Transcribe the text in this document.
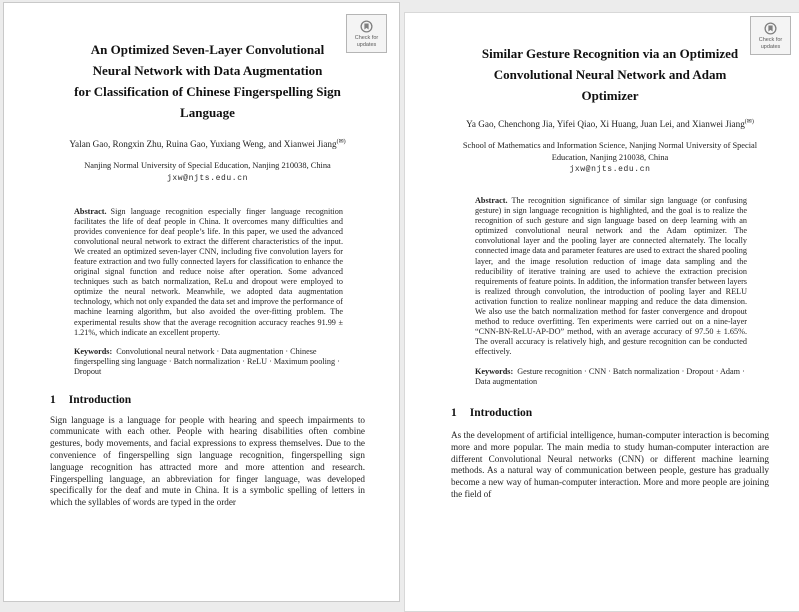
Check for
updates
An Optimized Seven-Layer Convolutional
Neural Network with Data Augmentation
for Classification of Chinese Fingerspelling Sign
Language

Yalan Gao, Rongxin Zhu, Ruina Gao, Yuxiang Weng, and Xianwei Jiang(✉)

Nanjing Normal University of Special Education, Nanjing 210038, China

jxw@njts.edu.cn

Abstract. Sign language recognition especially finger language recognition facilitates the life of deaf people in China. It overcomes many difficulties and provides convenience for deaf people’s life. In this paper, we used the advanced convolutional neural network to extract the different characteristics of the input. We created an optimized seven-layer CNN, including five convolution layers for feature extraction and two fully connected layers for classification to enhance the original signal function and reduce noise after operation. Some advanced techniques such as batch normalization, ReLu and dropout were employed to optimize the neural network. Meanwhile, we adopted data augmentation technology, which not only expanded the data set and improve the performance of machine learning algorithm, but also avoided the over-fitting problem. The experimental results show that the average recognition accuracy reaches 91.99 ± 1.21%, which indicate an excellent property.

Keywords: Convolutional neural network · Data augmentation · Chinese fingerspelling sing language · Batch normalization · ReLU · Maximum pooling · Dropout

1 Introduction

Sign language is a language for people with hearing and speech impairments to communicate with each other. People with hearing disabilities often combine gestures, body movements, and facial expressions to express themselves. Due to the convenience of fingerspelling sign language recognition, fingerspelling sign language recognition has attracted more and more attention and research. Fingerspelling language, an abbreviation for finger language, was developed specifically for the deaf and mute in China. It is a symbolic spelling of letters in which the syllables of words are typed in the order

Check for
updates
Similar Gesture Recognition via an Optimized
Convolutional Neural Network and Adam
Optimizer

Ya Gao, Chenchong Jia, Yifei Qiao, Xi Huang, Juan Lei, and Xianwei Jiang(✉)

School of Mathematics and Information Science, Nanjing Normal University of Special Education, Nanjing 210038, China

jxw@njts.edu.cn

Abstract. The recognition significance of similar sign language (or confusing gesture) in sign language recognition is highlighted, and the goal is to realize the recognition of such gesture and sign language based on deep learning with an optimized convolutional neural network and the Adam optimizer. The convolutional layer and the pooling layer are connected alternately. The locally connected image data and parameter features are used to extract the shared pooling layer, and the image resolution reduction of image data sampling and the reducibility of iterative training are used to achieve the extraction precision requirements of feature points. In addition, the information transfer between layers is realized through convolution, the introduction of pooling layer and RELU activation function to realize nonlinear mapping and reduce the data dimension. We also use the batch normalization method for faster convergence and dropout method to reduce overfitting. Ten experiments were carried out on a nine-layer “CNN-BN-ReLU-AP-DO” method, with an average accuracy of 97.50 ± 1.65%. The overall accuracy is relatively high, and gesture recognition can be conducted effectively.

Keywords: Gesture recognition · CNN · Batch normalization · Dropout · Adam · Data augmentation

1 Introduction

As the development of artificial intelligence, human-computer interaction is becoming more and more popular. The main media to study human-computer interaction are different Convolutional Neural networks (CNN) or different machine learning methods. As a natural way of communication between people, gesture has gradually become a new way of human-computer interaction. More and more people are joining the field of
